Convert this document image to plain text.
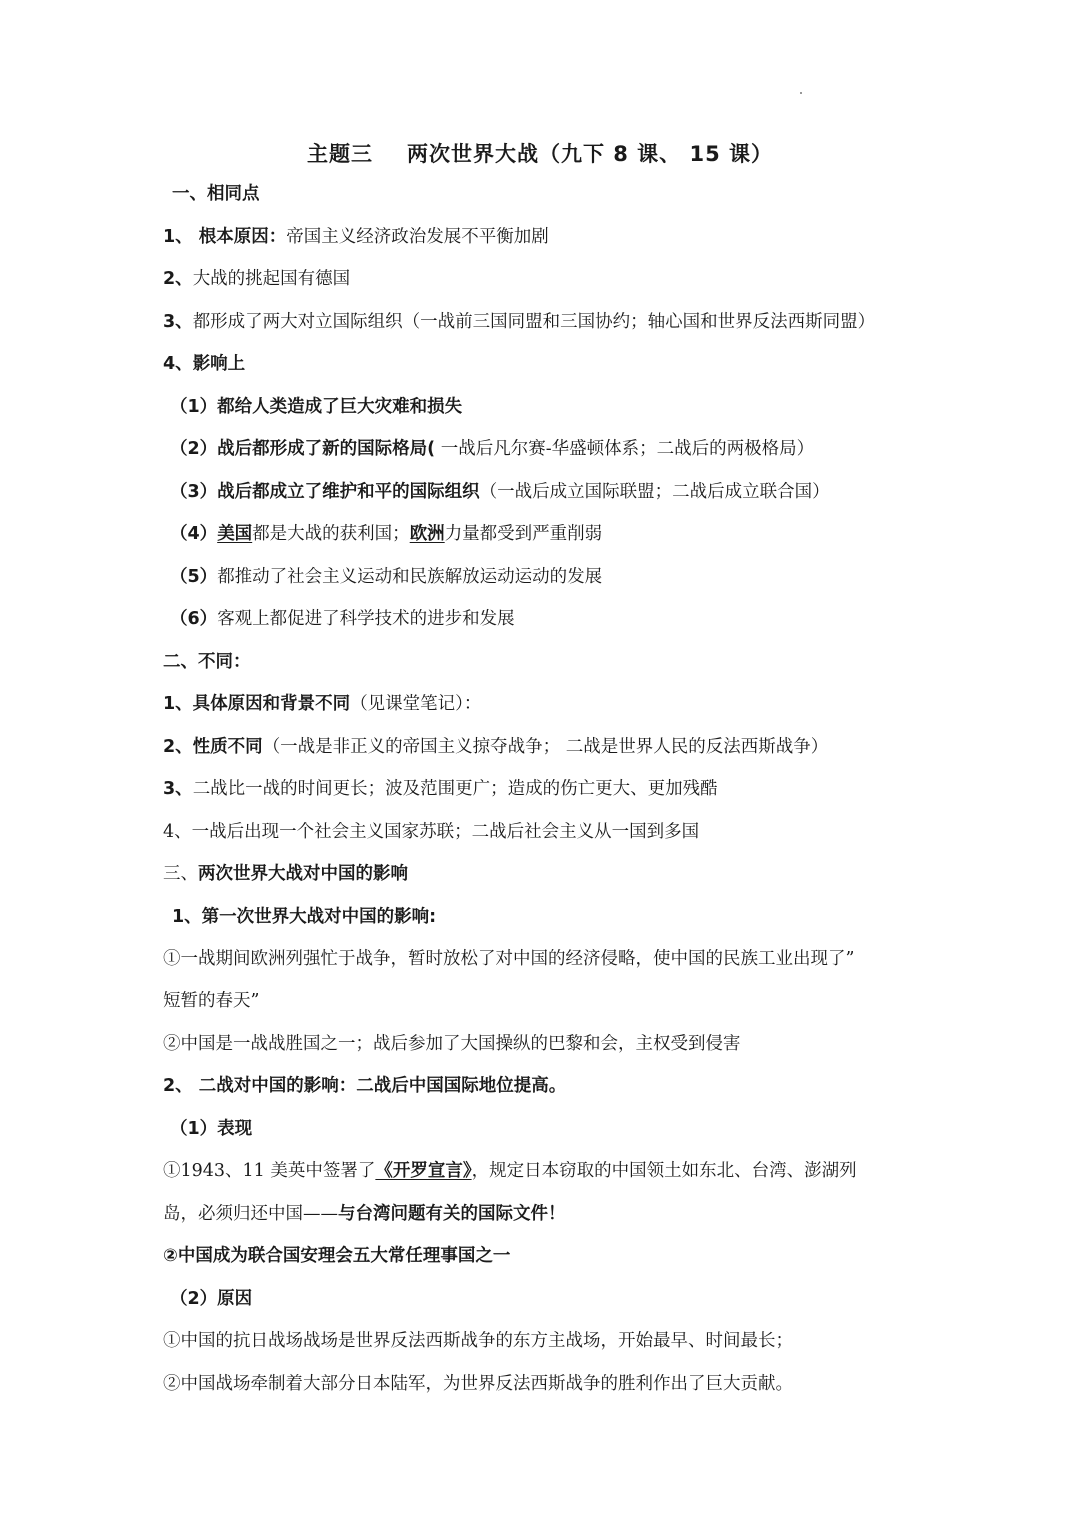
主题三 两次世界大战（九下 8 课、 15 课）
一、相同点
1、 根本原因：帝国主义经济政治发展不平衡加剧
2、大战的挑起国有德国
3、都形成了两大对立国际组织（一战前三国同盟和三国协约；轴心国和世界反法西斯同盟）
4、影响上
（1）都给人类造成了巨大灾难和损失
（2）战后都形成了新的国际格局( 一战后凡尔赛-华盛顿体系；二战后的两极格局）
（3）战后都成立了维护和平的国际组织（一战后成立国际联盟；二战后成立联合国）
（4）美国都是大战的获利国；欧洲力量都受到严重削弱
（5）都推动了社会主义运动和民族解放运动运动的发展
（6）客观上都促进了科学技术的进步和发展
二、不同：
1、具体原因和背景不同（见课堂笔记）：
2、性质不同（一战是非正义的帝国主义掠夺战争； 二战是世界人民的反法西斯战争）
3、二战比一战的时间更长；波及范围更广；造成的伤亡更大、更加残酷
4、一战后出现一个社会主义国家苏联；二战后社会主义从一国到多国
三、两次世界大战对中国的影响
1、第一次世界大战对中国的影响:
①一战期间欧洲列强忙于战争，暂时放松了对中国的经济侵略，使中国的民族工业出现了”
短暂的春天”
②中国是一战战胜国之一；战后参加了大国操纵的巴黎和会，主权受到侵害
2、 二战对中国的影响：二战后中国国际地位提高。
（1）表现
①1943、11 美英中签署了《开罗宣言》，规定日本窃取的中国领土如东北、台湾、澎湖列
岛，必须归还中国——与台湾问题有关的国际文件！
②中国成为联合国安理会五大常任理事国之一
（2）原因
①中国的抗日战场战场是世界反法西斯战争的东方主战场，开始最早、时间最长；
②中国战场牵制着大部分日本陆军，为世界反法西斯战争的胜利作出了巨大贡献。
